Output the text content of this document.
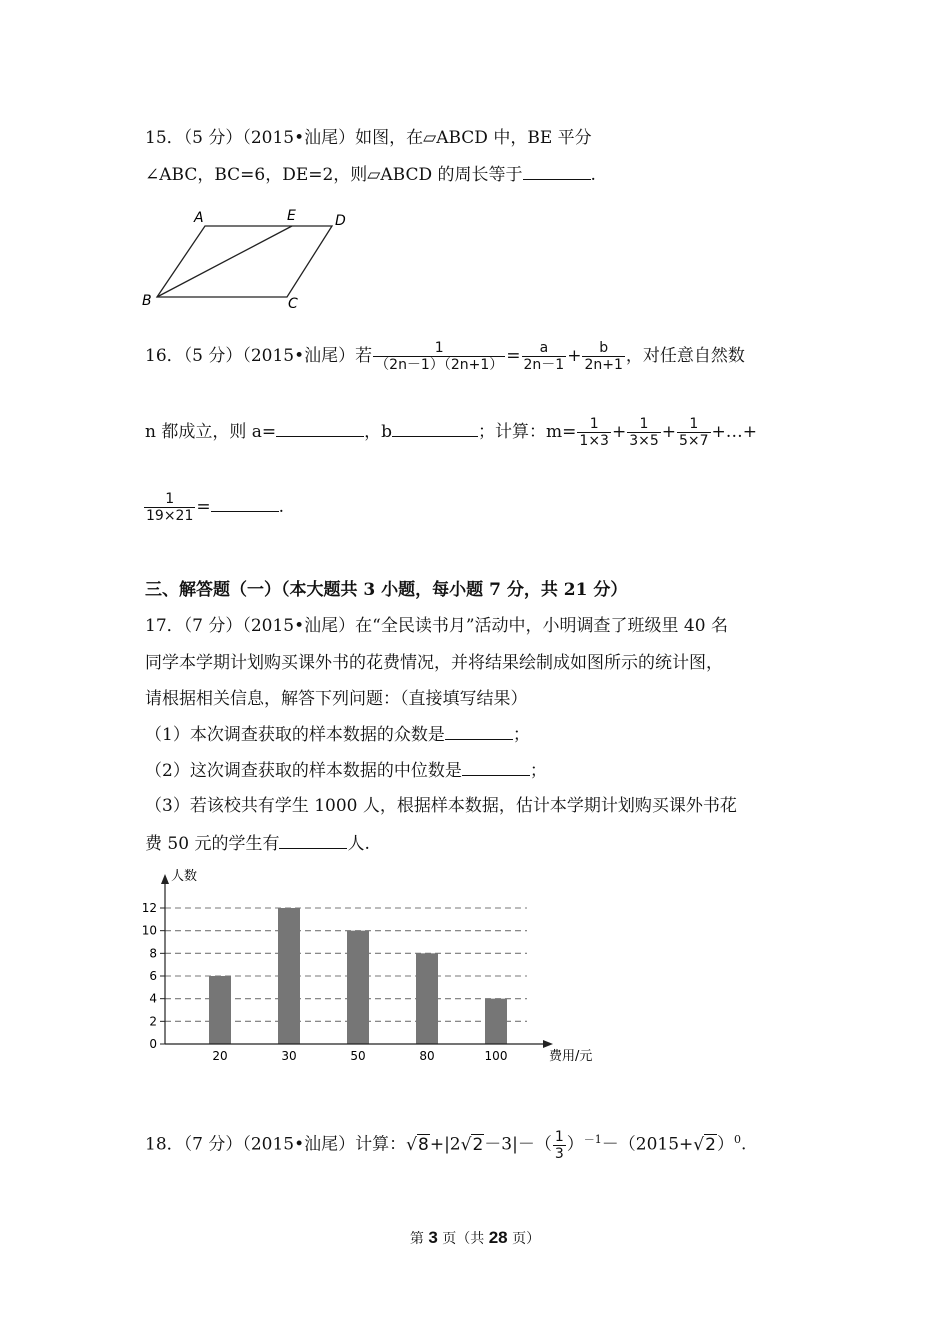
15．（5 分）（2015•汕尾）如图，在▱ABCD 中，BE 平分
∠ABC，BC=6，DE=2，则▱ABCD 的周长等于	.
A	E	D
B	C
16．（5 分）（2015•汕尾）若 $\frac{1}{(2n-1)(2n+1)} = \frac{a}{2n-1} + \frac{b}{2n+1}$ ，对任意自然数
n 都成立，则 a=	，b	；计算：$m= \frac{1}{1\times 3} + \frac{1}{3\times 5} + \frac{1}{5\times 7}$ +…+
$\frac{1}{19\times 21}$ =	.
三、解答题（一）（本大题共 3 小题，每小题 7 分，共 21 分）
17．（7 分）（2015•汕尾）在“全民读书月”活动中，小明调查了班级里 40 名
同学本学期计划购买课外书的花费情况，并将结果绘制成如图所示的统计图，
请根据相关信息，解答下列问题：（直接填写结果）
（1）本次调查获取的样本数据的众数是	；
（2）这次调查获取的样本数据的中位数是	；
（3）若该校共有学生 1000 人，根据样本数据，估计本学期计划购买课外书花
费 50 元的学生有	人.
人数
费用/元
0
2
4
6
8
10
12
20	30	50	80	100
18．（7 分）（2015•汕尾）计算：$√8+|2√2-3|-( \frac{1}{3} )^{-1}-(2015+√2)^0$.
第 3 页（共 28 页）
